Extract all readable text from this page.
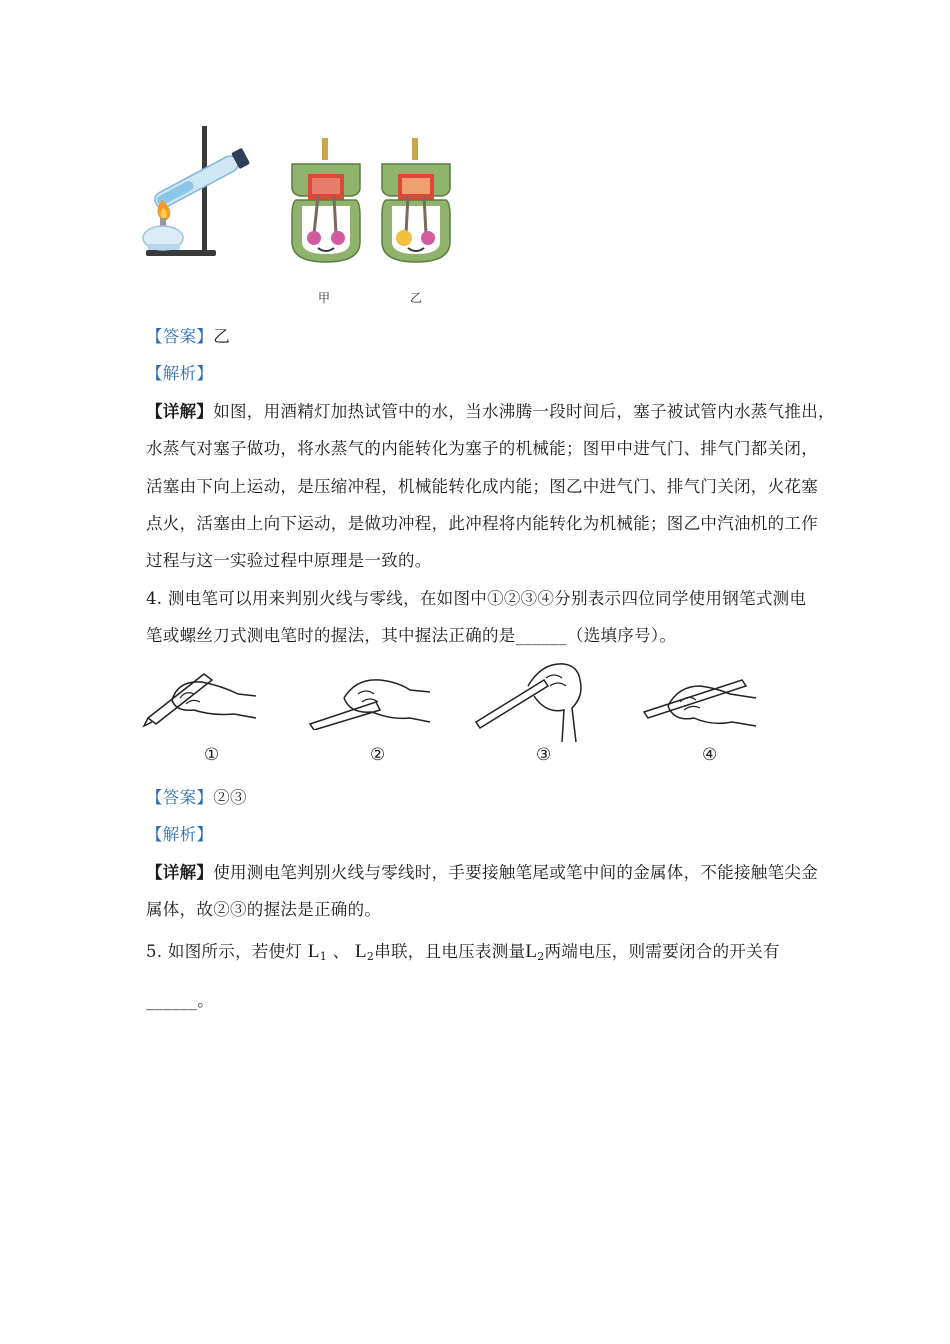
甲	乙
【答案】乙
【解析】
【详解】如图，用酒精灯加热试管中的水，当水沸腾一段时间后，塞子被试管内水蒸气推出，
水蒸气对塞子做功，将水蒸气的内能转化为塞子的机械能；图甲中进气门、排气门都关闭，
活塞由下向上运动，是压缩冲程，机械能转化成内能；图乙中进气门、排气门关闭，火花塞
点火，活塞由上向下运动，是做功冲程，此冲程将内能转化为机械能；图乙中汽油机的工作
过程与这一实验过程中原理是一致的。
4. 测电笔可以用来判别火线与零线，在如图中①②③④分别表示四位同学使用钢笔式测电
笔或螺丝刀式测电笔时的握法，其中握法正确的是______（选填序号）。
①	②	③	④
【答案】②③
【解析】
【详解】使用测电笔判别火线与零线时，手要接触笔尾或笔中间的金属体，不能接触笔尖金
属体，故②③的握法是正确的。
5. 如图所示，若使灯 $L_1$ 、 $L_2$串联，且电压表测量$L_2$两端电压，则需要闭合的开关有
______。
